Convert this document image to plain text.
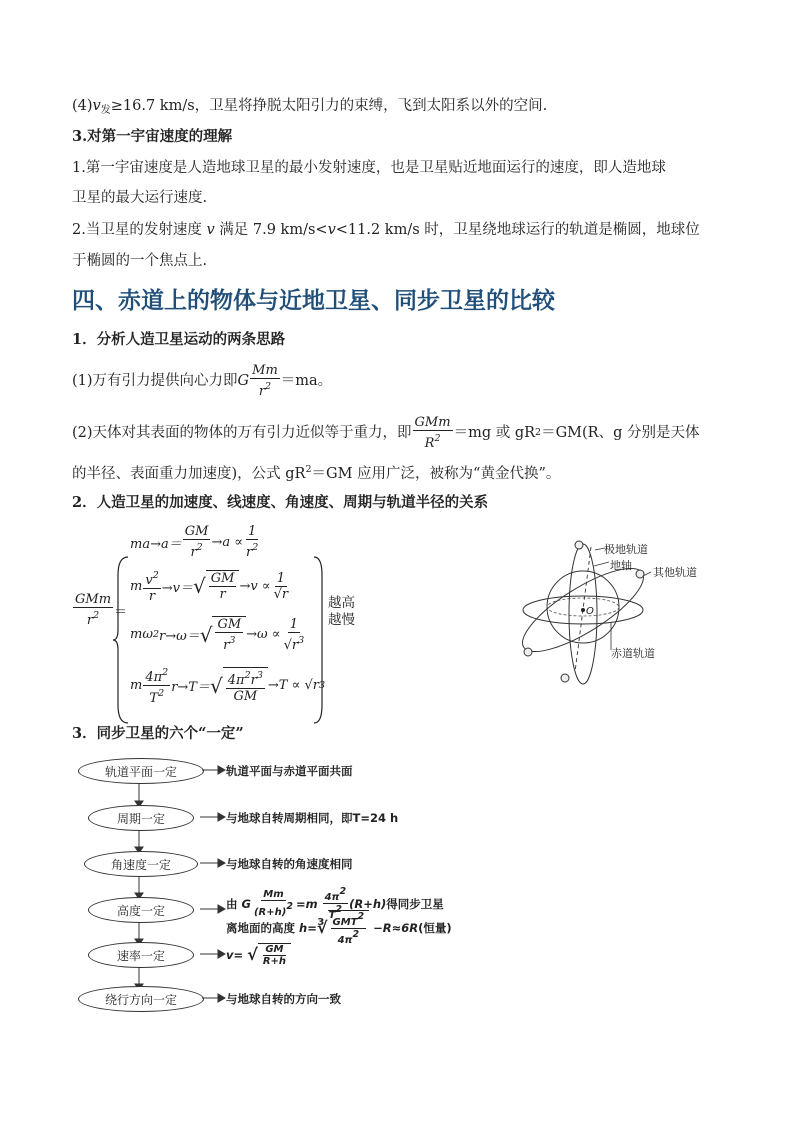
$(4)v_发\ge 16.7$ km/s，卫星将挣脱太阳引力的束缚，飞到太阳系以外的空间.
3.对第一宇宙速度的理解
1.第一宇宙速度是人造地球卫星的最小发射速度，也是卫星贴近地面运行的速度，即人造地球
卫星的最大运行速度.
2.当卫星的发射速度 v 满足 7.9 km/s<v<11.2 km/s 时，卫星绕地球运行的轨道是椭圆，地球位
于椭圆的一个焦点上.
四、赤道上的物体与近地卫星、同步卫星的比较
1．分析人造卫星运动的两条思路
(1)万有引力提供向心力即 G $\frac{Mm}{r^2} =ma$。
(2)天体对其表面的物体的万有引力近似等于重力，即 $\frac{\text{GMm}}{R^2} =mg$ 或 gR 2 ＝GM(R、g 分别是天体
的半径、表面重力加速度)，公式 $gR^2=GM$ 应用广泛，被称为“黄金代换”。
2．人造卫星的加速度、线速度、角速度、周期与轨道半径的关系
$\frac{\text{GMm}}{r^2}$ ＝
$ma\to a= \frac{GM}{r^2} \to a \propto \frac{1}{r^2}$
m $\frac{v^2}{r} \to v=$ √ $\frac{GM}{r} \to v \propto \frac{1}{√r}$
mω 2 r→ω＝ √ $\frac{GM}{r^3} \to\omega \propto \frac{1}{√r^3}$
m $\frac{4\pi^2}{T^2} r\to T=$ √ $\frac{4\pi^2r^3}{GM} \to T \propto √r$ 3
越高
越慢
极地轨道
地轴
其他轨道
赤道轨道
O
3．同步卫星的六个“一定”
轨道平面一定
周期一定
角速度一定
高度一定
速率一定
绕行方向一定
轨道平面与赤道平面共面
与地球自转周期相同，即T=24 h
与地球自转的角速度相同
由
G $\frac{Mm}{(R+h)2} =m$
$\frac{4\pi 2}{T2} (R+h)$ 得同步卫星
离地面的高度
h= ∛ $\frac{\text{GMT2}}{4\pi 2}$
−R≈6R (恒量)
v=
√ $\frac{GM}{R+h}$
与地球自转的方向一致
